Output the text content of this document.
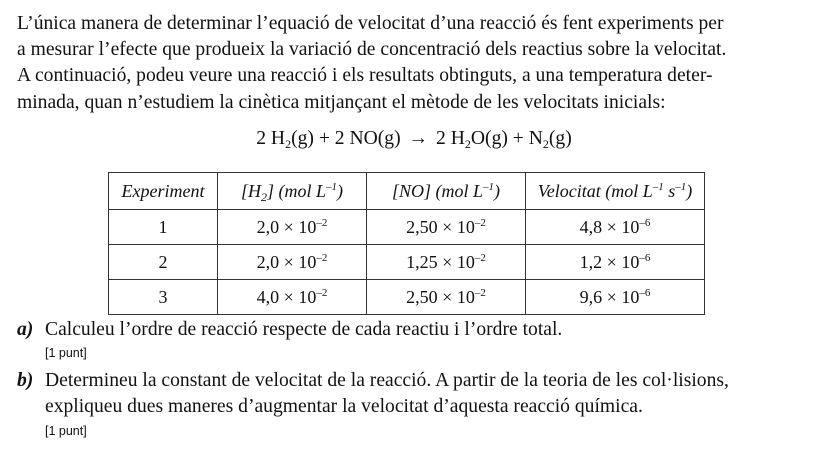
L’única manera de determinar l’equació de velocitat d’una reacció és fent experiments per
a mesurar l’efecte que produeix la variació de concentració dels reactius sobre la velocitat.
A continuació, podeu veure una reacció i els resultats obtinguts, a una temperatura deter-
minada, quan n’estudiem la cinètica mitjançant el mètode de les velocitats inicials:
2 $H_2(g) + 2$ NO(g) → 2 $H_2O(g) + N_2(g)$
Experiment	$[H_2]$ (mol $L^{-1}$)	[NO] (mol $L^{-1}$)	Velocitat (mol $L^{-1}$ $s^{-1}$)
1	$2,0 \times 10^{-2}$	$2,50 \times 10^{-2}$	$4,8 \times 10^{-6}$
2	$2,0 \times 10^{-2}$	$1,25 \times 10^{-2}$	$1,2 \times 10^{-6}$
3	$4,0 \times 10^{-2}$	$2,50 \times 10^{-2}$	$9,6 \times 10^{-6}$
a) Calculeu l’ordre de reacció respecte de cada reactiu i l’ordre total.
[1 punt]
b) Determineu la constant de velocitat de la reacció. A partir de la teoria de les col·lisions,
expliqueu dues maneres d’augmentar la velocitat d’aquesta reacció química.
[1 punt]
